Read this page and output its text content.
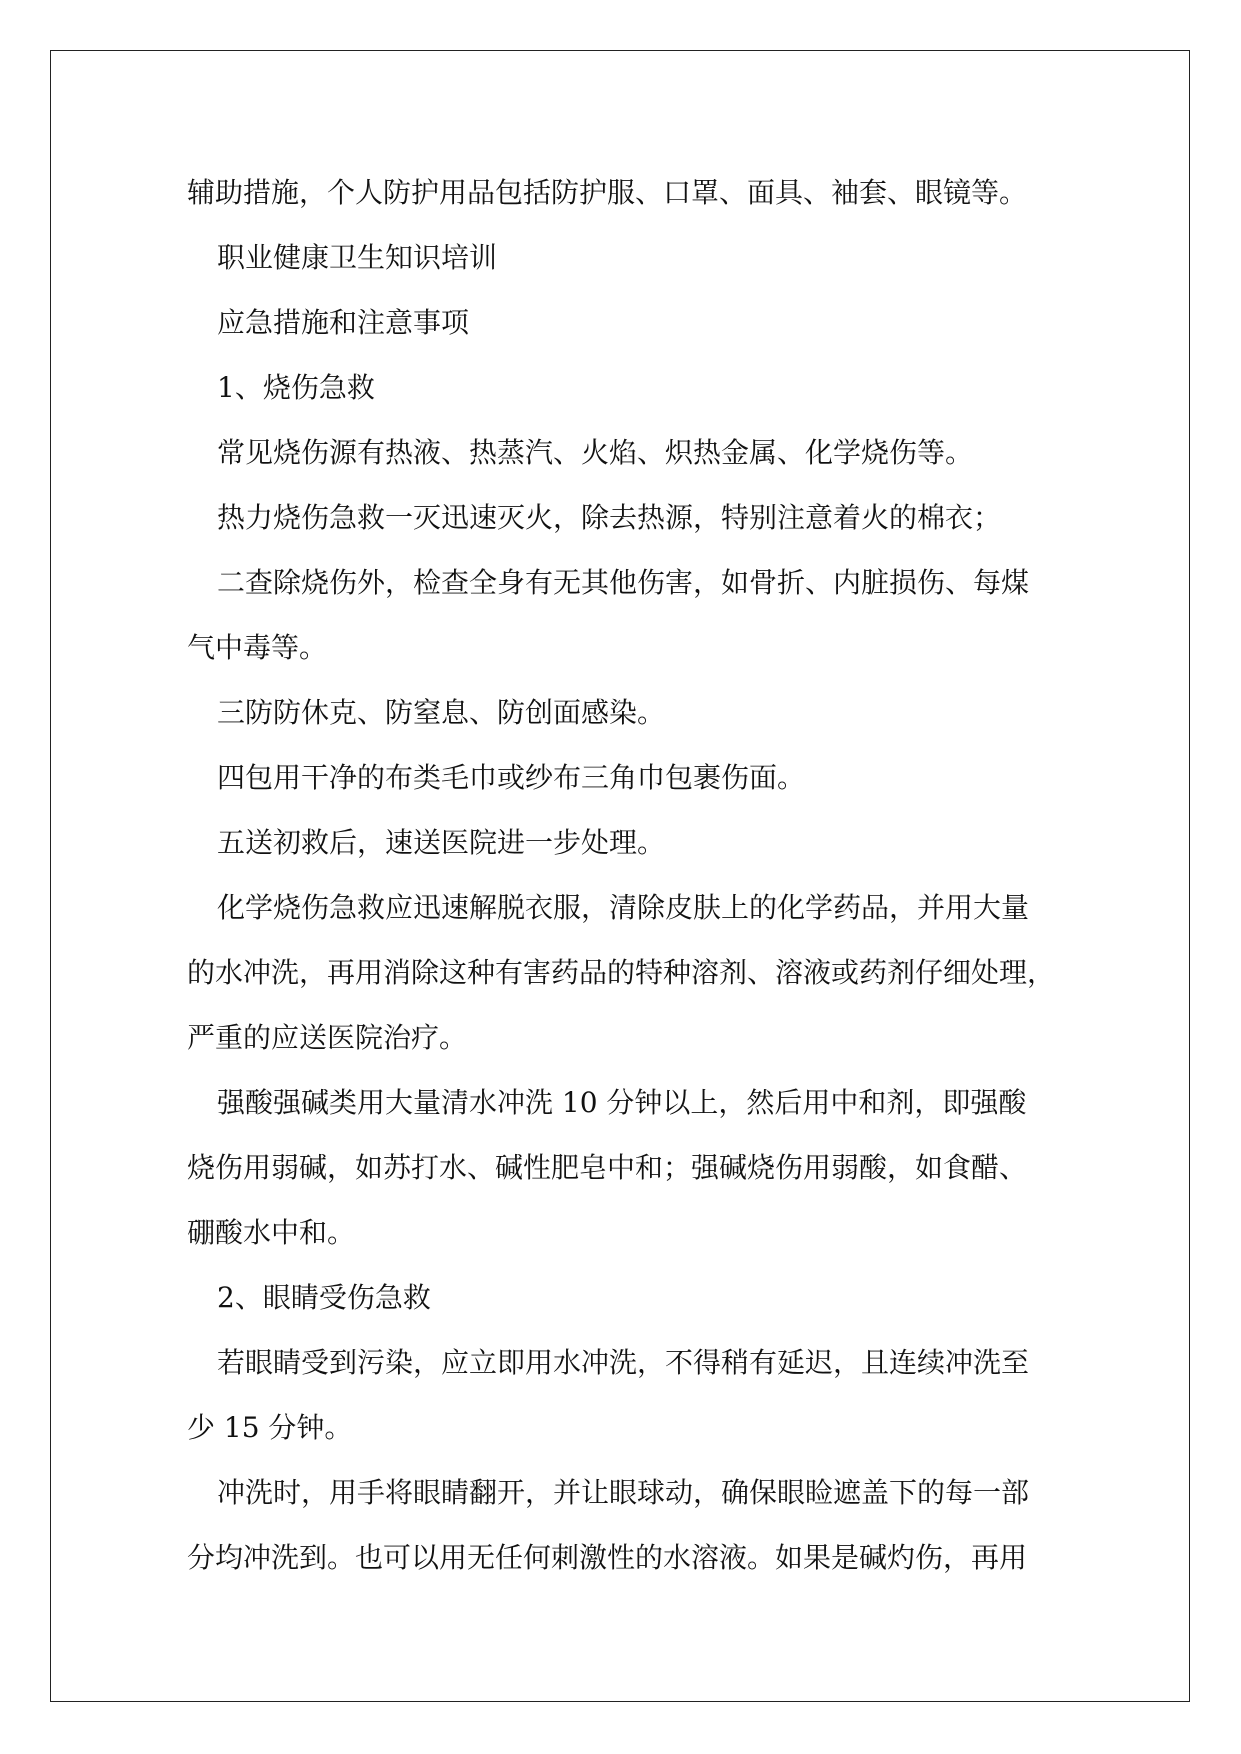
辅助措施，个人防护用品包括防护服、口罩、面具、袖套、眼镜等。

职业健康卫生知识培训

应急措施和注意事项

1、烧伤急救

常见烧伤源有热液、热蒸汽、火焰、炽热金属、化学烧伤等。

热力烧伤急救一灭迅速灭火，除去热源，特别注意着火的棉衣；

二查除烧伤外，检查全身有无其他伤害，如骨折、内脏损伤、每煤

气中毒等。

三防防休克、防窒息、防创面感染。

四包用干净的布类毛巾或纱布三角巾包裹伤面。

五送初救后，速送医院进一步处理。

化学烧伤急救应迅速解脱衣服，清除皮肤上的化学药品，并用大量

的水冲洗，再用消除这种有害药品的特种溶剂、溶液或药剂仔细处理，

严重的应送医院治疗。

强酸强碱类用大量清水冲洗 10 分钟以上，然后用中和剂，即强酸

烧伤用弱碱，如苏打水、碱性肥皂中和；强碱烧伤用弱酸，如食醋、

硼酸水中和。

2、眼睛受伤急救

若眼睛受到污染，应立即用水冲洗，不得稍有延迟，且连续冲洗至

少 15 分钟。

冲洗时，用手将眼睛翻开，并让眼球动，确保眼睑遮盖下的每一部

分均冲洗到。也可以用无任何刺激性的水溶液。如果是碱灼伤，再用
